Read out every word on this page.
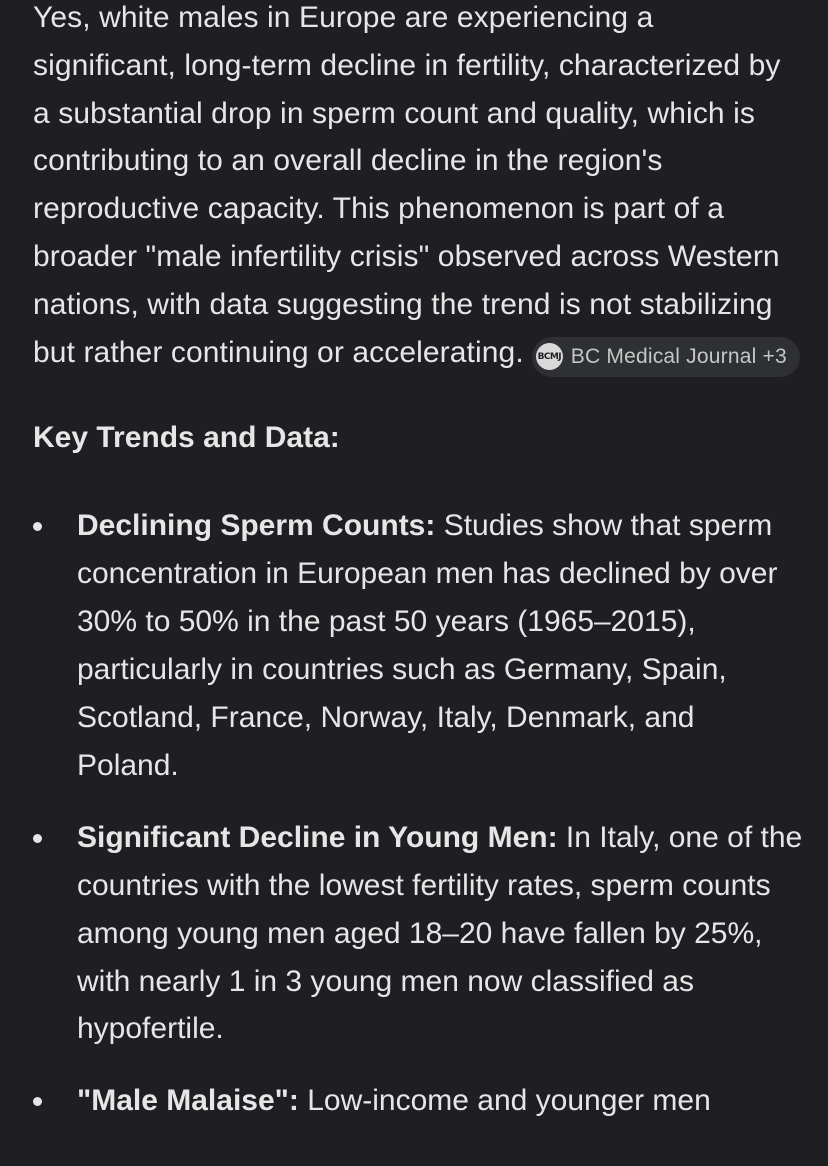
Yes, white males in Europe are experiencing a significant, long-term decline in fertility, characterized by a substantial drop in sperm count and quality, which is contributing to an overall decline in the region's reproductive capacity. This phenomenon is part of a broader "male infertility crisis" observed across Western nations, with data suggesting the trend is not stabilizing but rather continuing or accelerating. BCMJ BC Medical Journal +3

Key Trends and Data:
Declining Sperm Counts: Studies show that sperm concentration in European men has declined by over 30% to 50% in the past 50 years (1965–2015), particularly in countries such as Germany, Spain, Scotland, France, Norway, Italy, Denmark, and Poland.
Significant Decline in Young Men: In Italy, one of the countries with the lowest fertility rates, sperm counts among young men aged 18–20 have fallen by 25%, with nearly 1 in 3 young men now classified as hypofertile.
"Male Malaise": Low-income and younger men
